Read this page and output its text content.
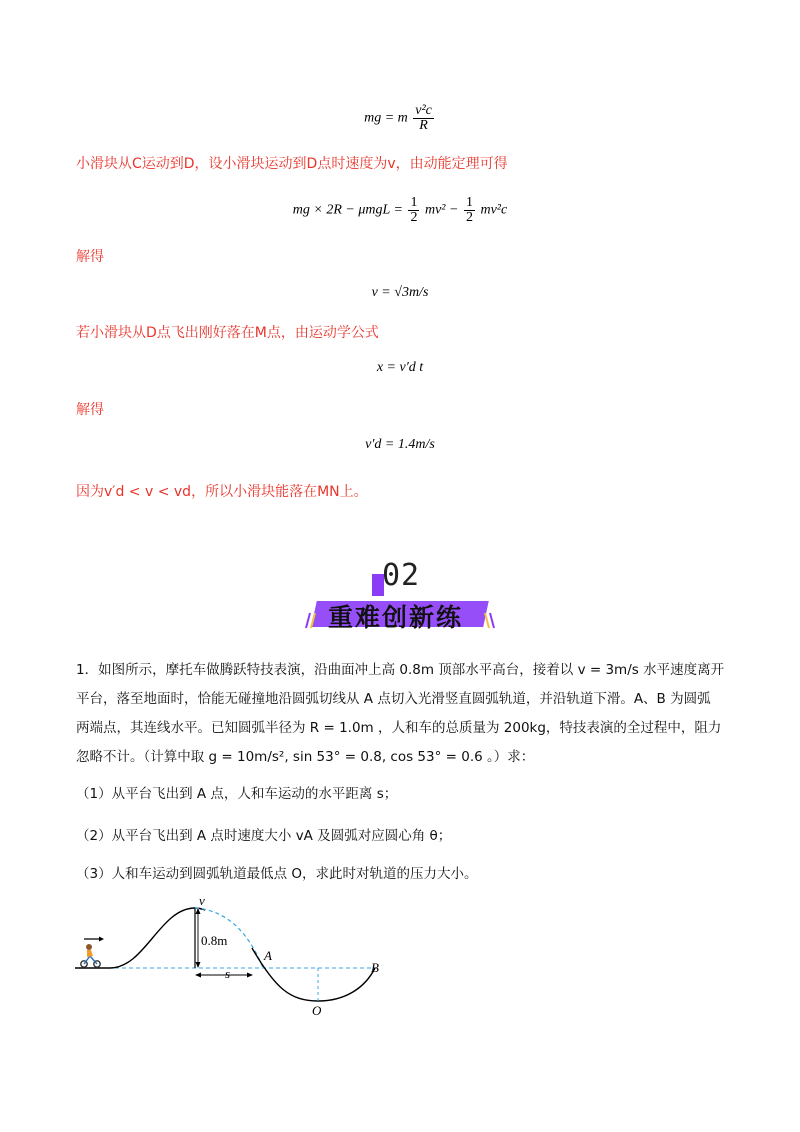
mg = m $\frac{\text{v²c}}{R}$
小滑块从C运动到D，设小滑块运动到D点时速度为v，由动能定理可得
mg × $2R - \mu mgL = \frac{1}{2} mv^2 - \frac{1}{2} mv^2c$
解得
v = √3m/s
若小滑块从D点飞出刚好落在M点，由运动学公式
x = v′d t
解得
v′d = 1.4m/s
因为v′d < v < vd，所以小滑块能落在MN上。
02
重难创新练
1．如图所示，摩托车做腾跃特技表演，沿曲面冲上高 0.8m 顶部水平高台，接着以 v = 3m/s 水平速度离开
平台，落至地面时，恰能无碰撞地沿圆弧切线从 A 点切入光滑竖直圆弧轨道，并沿轨道下滑。A、B 为圆弧
两端点，其连线水平。已知圆弧半径为 R = 1.0m ，人和车的总质量为 200kg，特技表演的全过程中，阻力
忽略不计。（计算中取 g = 10m/s², sin 53° = 0.8, cos 53° = 0.6 。）求：
（1）从平台飞出到 A 点，人和车运动的水平距离 s；
（2）从平台飞出到 A 点时速度大小 vA 及圆弧对应圆心角 θ；
（3）人和车运动到圆弧轨道最低点 O，求此时对轨道的压力大小。
v
0.8m
A
B
s
O
